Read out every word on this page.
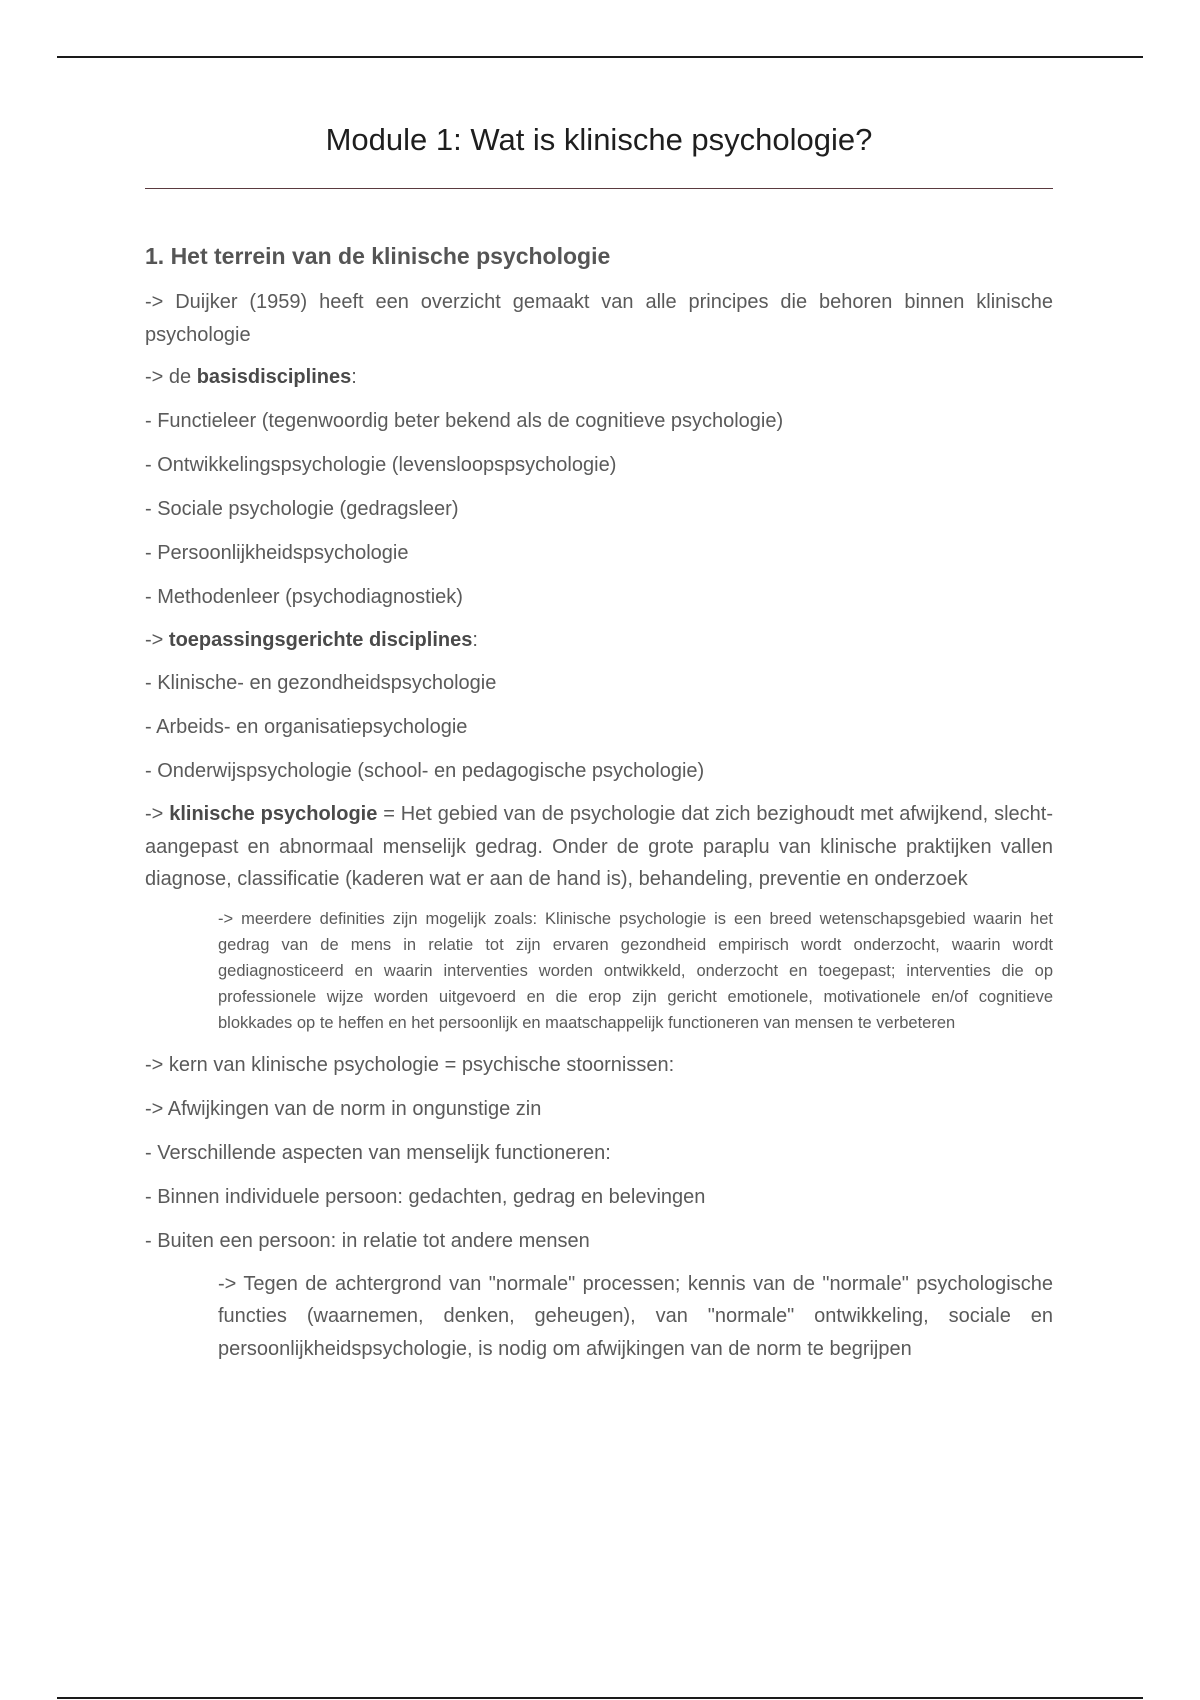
Module 1: Wat is klinische psychologie?
1. Het terrein van de klinische psychologie
-> Duijker (1959) heeft een overzicht gemaakt van alle principes die behoren binnen klinische psychologie
-> de basisdisciplines:
- Functieleer (tegenwoordig beter bekend als de cognitieve psychologie)
- Ontwikkelingspsychologie (levensloopspsychologie)
- Sociale psychologie (gedragsleer)
- Persoonlijkheidspsychologie
- Methodenleer (psychodiagnostiek)
-> toepassingsgerichte disciplines:
- Klinische- en gezondheidspsychologie
- Arbeids- en organisatiepsychologie
- Onderwijspsychologie (school- en pedagogische psychologie)
-> klinische psychologie = Het gebied van de psychologie dat zich bezighoudt met afwijkend, slecht-aangepast en abnormaal menselijk gedrag. Onder de grote paraplu van klinische praktijken vallen diagnose, classificatie (kaderen wat er aan de hand is), behandeling, preventie en onderzoek
-> meerdere definities zijn mogelijk zoals: Klinische psychologie is een breed wetenschapsgebied waarin het gedrag van de mens in relatie tot zijn ervaren gezondheid empirisch wordt onderzocht, waarin wordt gediagnosticeerd en waarin interventies worden ontwikkeld, onderzocht en toegepast; interventies die op professionele wijze worden uitgevoerd en die erop zijn gericht emotionele, motivationele en/of cognitieve blokkades op te heffen en het persoonlijk en maatschappelijk functioneren van mensen te verbeteren
-> kern van klinische psychologie = psychische stoornissen:
-> Afwijkingen van de norm in ongunstige zin
- Verschillende aspecten van menselijk functioneren:
- Binnen individuele persoon: gedachten, gedrag en belevingen
- Buiten een persoon: in relatie tot andere mensen
-> Tegen de achtergrond van "normale" processen; kennis van de "normale" psychologische functies (waarnemen, denken, geheugen), van "normale" ontwikkeling, sociale en persoonlijkheidspsychologie, is nodig om afwijkingen van de norm te begrijpen
